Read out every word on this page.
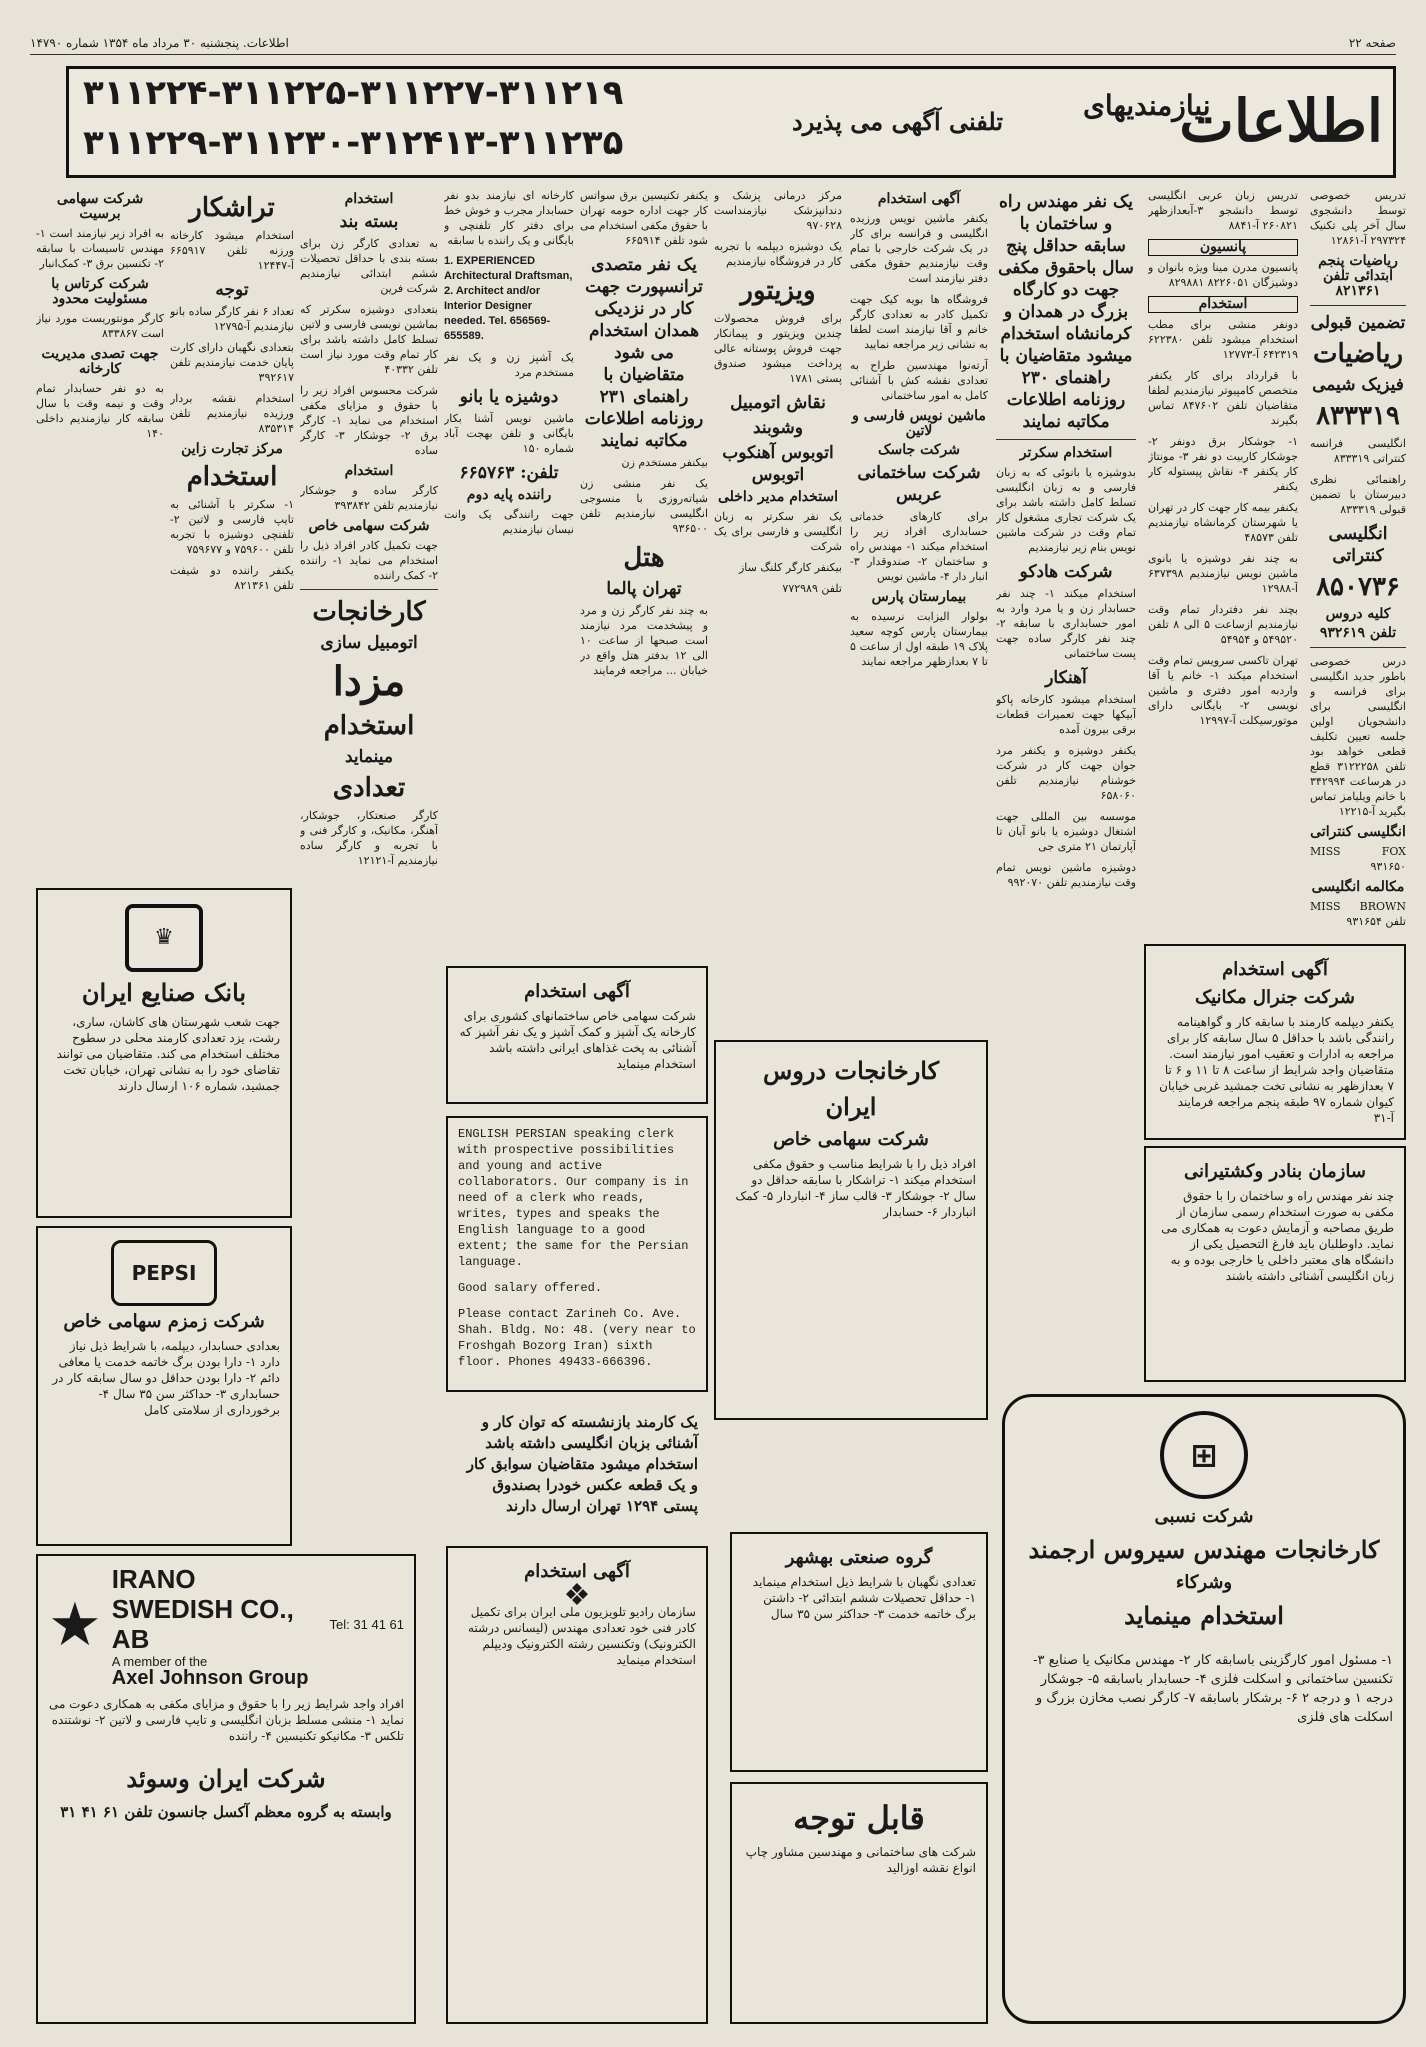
اطلاعات. پنجشنبه ۳۰ مرداد ماه ۱۳۵۴ شماره ۱۴۷۹۰	صفحه ۲۲
اطلاعات
نیازمندیهای
تلفنی آگهی می پذیرد
۳۱۱۲۲۴-۳۱۱۲۲۵-۳۱۱۲۲۷-۳۱۱۲۱۹
۳۱۱۲۲۹-۳۱۱۲۳۰-۳۱۲۴۱۳-۳۱۱۲۳۵

تدریس خصوصی توسط دانشجوی سال آخر پلی تکنیک ۲۹۷۳۲۴ آ-۱۲۸۶۱

ریاضیات پنجم ابتدائی تلفن ۸۲۱۳۶۱
تضمین قبولی
ریاضیات
فیزیک شیمی
۸۳۳۳۱۹

انگلیسی فرانسه کنتراتی ۸۳۳۳۱۹

راهنمائی نظری دبیرستان با تضمین قبولی ۸۳۳۳۱۹

انگلیسی کنتراتی
۸۵۰۷۳۶
کلیه دروس
تلفن ۹۳۲۶۱۹

درس خصوصی باطور جدید انگلیسی برای فرانسه و انگلیسی برای دانشجویان اولین جلسه تعیین تکلیف قطعی خواهد بود تلفن ۳۱۲۲۲۵۸ قطع در هرساعت ۳۴۲۹۹۴ با خانم ویلیامز تماس بگیرید آ-۱۲۲۱۵

انگلیسی کنتراتی

MISS FOX ۹۳۱۶۵۰

مکالمه انگلیسی

MISS BROWN تلفن ۹۳۱۶۵۴

تدریس زبان عربی انگلیسی توسط دانشجو ۳-آبعدازظهر ۲۶۰۸۲۱ آ-۸۸۴۱

پانسیون

پانسیون مدرن مینا ویژه بانوان و دوشیزگان ۸۲۲۶۰۵۱ ۸۲۹۸۸۱

استخدام

دونفر منشی برای مطب استخدام میشود تلفن ۶۲۲۳۸۰ ۶۴۲۳۱۹ آ-۱۲۷۷۳

با قرارداد برای کار یکنفر متخصص کامپیوتر نیازمندیم لطفا متقاضیان تلفن ۸۴۷۶۰۲ تماس بگیرند

۱- جوشکار برق دونفر ۲- جوشکار کاربیت دو نفر ۳- مونتاژ کار یکنفر ۴- نقاش پیستوله کار یکنفر

یکنفر بیمه کار جهت کار در تهران یا شهرستان کرمانشاه نیازمندیم تلفن ۴۸۵۷۳

به چند نفر دوشیزه یا بانوی ماشین نویس نیازمندیم ۶۳۷۳۹۸ آ-۱۲۹۸۸

بچند نفر دفتردار تمام وقت نیازمندیم ازساعت ۵ الی ۸ تلفن ۵۴۹۵۲۰ و ۵۴۹۵۴

تهران تاکسی سرویس تمام وقت استخدام میکند ۱- خانم یا آقا واردبه امور دفتری و ماشین نویسی ۲- بایگانی دارای موتورسیکلت آ-۱۲۹۹۷

آگهی استخدام
شرکت جنرال مکانیک
یکنفر دیپلمه کارمند با سابقه کار و گواهینامه رانندگی باشد با حداقل ۵ سال سابقه کار برای مراجعه به ادارات و تعقیب امور نیازمند است. متقاضیان واجد شرایط از ساعت ۸ تا ۱۱ و ۶ تا ۷ بعدازظهر به نشانی تخت جمشید غربی خیابان کیوان شماره ۹۷ طبقه پنجم مراجعه فرمایند آ-۳۱
سازمان بنادر وکشتیرانی
چند نفر مهندس راه و ساختمان را با حقوق مکفی به صورت استخدام رسمی سازمان از طریق مصاحبه و آزمایش دعوت به همکاری می نماید. داوطلبان باید فارغ التحصیل یکی از دانشگاه های معتبر داخلی یا خارجی بوده و به زبان انگلیسی آشنائی داشته باشند
یک نفر مهندس راه و ساختمان با سابقه حداقل پنج سال باحقوق مکفی جهت دو کارگاه بزرگ در همدان و کرمانشاه استخدام میشود متقاضیان با راهنمای ۲۳۰ روزنامه اطلاعات مکاتبه نمایند
استخدام سکرتر

بدوشیزه یا بانوئی که به زبان فارسی و به زبان انگلیسی تسلط کامل داشته باشد برای یک شرکت تجاری مشغول کار تمام وقت در شرکت ماشین نویس بنام زیر نیازمندیم

شرکت هادکو

استخدام میکند ۱- چند نفر حسابدار زن و یا مرد وارد به امور حسابداری با سابقه ۲- چند نفر کارگر ساده جهت پست ساختمانی

آهنکار

استخدام میشود کارخانه پاکو آبیکها جهت تعمیرات قطعات برقی بیرون آمده

یکنفر دوشیزه و یکنفر مرد جوان جهت کار در شرکت خوشنام نیازمندیم تلفن ۶۵۸۰۶۰

موسسه بین المللی جهت اشتغال دوشیزه یا بانو آبان تا آپارتمان ۲۱ متری جی

دوشیزه ماشین نویس تمام وقت نیازمندیم تلفن ۹۹۲۰۷۰

آگهی استخدام

یکنفر ماشین نویس ورزیده انگلیسی و فرانسه برای کار در یک شرکت خارجی با تمام وقت نیازمندیم حقوق مکفی دفتر نیازمند است

فروشگاه ها بویه کیک جهت تکمیل کادر به تعدادی کارگر خانم و آقا نیازمند است لطفا به نشانی زیر مراجعه نمایید

آرته‌نوا مهندسین طراح به تعدادی نقشه کش با آشنائی کامل به امور ساختمانی

ماشین نویس فارسی و لاتین
شرکت جاسک
شرکت ساختمانی عربس

برای کارهای خدماتی حسابداری افراد زیر را استخدام میکند ۱- مهندس راه و ساختمان ۲- صندوقدار ۳- انبار دار ۴- ماشین نویس

بیمارستان پارس

بولوار الیزابت نرسیده به بیمارستان پارس کوچه سعید پلاک ۱۹ طبقه اول از ساعت ۵ تا ۷ بعدازظهر مراجعه نمایند

مرکز درمانی پزشک و دندانپزشک نیازمنداست ۹۷۰۶۲۸

یک دوشیزه دیپلمه با تجربه کار در فروشگاه نیازمندیم

ویزیتور

برای فروش محصولات چندین ویزیتور و پیمانکار جهت فروش پوستانه عالی پرداخت میشود صندوق پستی ۱۷۸۱

نقاش اتومبیل
وشوبند
اتوبوس آهنکوب اتوبوس
استخدام مدیر داخلی

یک نفر سکرتر به زبان انگلیسی و فارسی برای یک شرکت

بیکنفر کارگر کلنگ ساز

تلفن ۷۷۲۹۸۹

یکنفر تکنیسین برق سواتس کار جهت اداره حومه تهران با حقوق مکفی استخدام می شود تلفن ۶۶۵۹۱۴

یک نفر متصدی ترانسپورت جهت کار در نزدیکی همدان استخدام می شود متقاضیان با راهنمای ۲۳۱ روزنامه اطلاعات مکاتبه نمایند

بیکنفر مستخدم زن

یک نفر منشی زن شیاته‌روزی با منسوجی انگلیسی نیازمندیم تلفن ۹۳۶۵۰۰

هتل
تهران پالما

به چند نفر کارگر زن و مرد و پیشخدمت مرد نیازمند است صبحها از ساعت ۱۰ الی ۱۲ بدفتر هتل واقع در خیابان ... مراجعه فرمایند

کارخانه ای نیازمند بدو نفر حسابدار مجرب و خوش خط برای دفتر کار تلفنچی و بایگانی و یک راننده با سابقه

1. EXPERIENCED Architectural Draftsman, 2. Architect and/or Interior Designer needed. Tel. 656569-655589.

یک آشپز زن و یک نفر مستخدم مرد

دوشیزه یا بانو

ماشین نویس آشنا بکار بایگانی و تلفن بهجت آباد شماره ۱۵۰

تلفن: ۶۶۵۷۶۳
راننده پایه دوم

جهت رانندگی یک وانت نیسان نیازمندیم

استخدام
بسته بند

به تعدادی کارگر زن برای بسته بندی با حداقل تحصیلات ششم ابتدائی نیازمندیم شرکت فرین

بتعدادی دوشیزه سکرتر که بماشین نویسی فارسی و لاتین تسلط کامل داشته باشد برای کار تمام وقت مورد نیاز است تلفن ۴۰۳۳۲

شرکت محسوس افراد زیر را با حقوق و مزایای مکفی استخدام می نماید ۱- کارگر برق ۲- جوشکار ۳- کارگر ساده

استخدام

کارگر ساده و جوشکار نیازمندیم تلفن ۳۹۳۸۴۲

شرکت سهامی خاص

جهت تکمیل کادر افراد ذیل را استخدام می نماید ۱- راننده ۲- کمک راننده

کارخانجات
اتومبیل سازی
مزدا
استخدام
مینماید
تعدادی

کارگر صنعتکار، جوشکار، آهنگر، مکانیک، و کارگر فنی و با تجربه و کارگر ساده نیازمندیم آ-۱۲۱۲۱

تراشکار

استخدام میشود کارخانه ورزنه تلفن ۶۶۵۹۱۷ آ-۱۲۴۴۷

توجه

تعداد ۶ نفر کارگر ساده بانو نیازمندیم آ-۱۲۷۹۵

بتعدادی نگهبان دارای کارت پایان خدمت نیازمندیم تلفن ۳۹۲۶۱۷

استخدام نقشه بردار ورزیده نیازمندیم تلفن ۸۳۵۳۱۴

مرکز تجارت زاین
استخدام

۱- سکرتر با آشنائی به تایپ فارسی و لاتین ۲- تلفنچی دوشیزه با تجربه تلفن ۷۵۹۶۰۰ و ۷۵۹۶۷۷

یکنفر راننده دو شیفت تلفن ۸۲۱۳۶۱

شرکت سهامی برسیت

به افراد زیر نیازمند است ۱- مهندس تاسیسات با سابقه ۲- تکنسین برق ۳- کمک‌انبار

شرکت کرتاس با مسئولیت محدود

کارگر مونتوریست مورد نیاز است ۸۳۳۸۶۷

جهت تصدی مدیریت کارخانه

به دو نفر حسابدار تمام وقت و نیمه وقت با سال سابقه کار نیازمندیم داخلی ۱۴۰

♛
بانک صنایع ایران
جهت شعب شهرستان های کاشان، ساری، رشت، یزد تعدادی کارمند محلی در سطوح مختلف استخدام می کند. متقاضیان می توانند تقاضای خود را به نشانی تهران، خیابان تخت جمشید، شماره ۱۰۶ ارسال دارند
PEPSI
شرکت زمزم سهامی خاص
بعدادی حسابدار، دیپلمه، با شرایط ذیل نیاز دارد ۱- دارا بودن برگ خاتمه خدمت یا معافی دائم ۲- دارا بودن حداقل دو سال سابقه کار در حسابداری ۳- حداکثر سن ۳۵ سال ۴- برخورداری از سلامتی کامل
★
IRANO SWEDISH CO., AB
A member of the
Axel Johnson Group
Tel: 31 41 61
افراد واجد شرایط زیر را با حقوق و مزایای مکفی به همکاری دعوت می نماید ۱- منشی مسلط بزبان انگلیسی و تایپ فارسی و لاتین ۲- نوشتنده تلکس ۳- مکانیکو تکنیسین ۴- راننده
شرکت ایران وسوئد
وابسته به گروه معظم آکسل جانسون تلفن ۶۱ ۴۱ ۳۱
آگهی استخدام
شرکت سهامی خاص ساختمانهای کشوری برای کارخانه یک آشپز و کمک آشپز و یک نفر آشپز که آشنائی به پخت غذاهای ایرانی داشته باشد استخدام مینماید
ENGLISH PERSIAN speaking clerk with prospective possibilities and young and active collaborators. Our company is in need of a clerk who reads, writes, types and speaks the English language to a good extent; the same for the Persian language.
Good salary offered.
Please contact Zarineh Co. Ave. Shah. Bldg. No: 48. (very near to Froshgah Bozorg Iran) sixth floor. Phones 49433-666396.
یک کارمند بازنشسته که توان کار و آشنائی بزبان انگلیسی داشته باشد استخدام میشود متقاضیان سوابق کار و یک قطعه عکس خودرا بصندوق پستی ۱۲۹۴ تهران ارسال دارند
آگهی استخدام
❖
سازمان رادیو تلویزیون ملی ایران برای تکمیل کادر فنی خود تعدادی مهندس (لیسانس درشته الکترونیک) وتکنسین رشته الکترونیک ودیپلم استخدام مینماید
کارخانجات دروس
ایران
شرکت سهامی خاص
افراد ذیل را با شرایط مناسب و حقوق مکفی استخدام میکند ۱- تراشکار با سابقه حداقل دو سال ۲- جوشکار ۳- قالب ساز ۴- انباردار ۵- کمک انباردار ۶- حسابدار
گروه صنعتی بهشهر
تعدادی نگهبان با شرایط ذیل استخدام مینماید ۱- حداقل تحصیلات ششم ابتدائی ۲- داشتن برگ خاتمه خدمت ۳- حداکثر سن ۳۵ سال
قابل توجه
شرکت های ساختمانی و مهندسین مشاور چاپ انواع نقشه اوزالید
⊞
شرکت نسبی
کارخانجات مهندس سیروس ارجمند
وشرکاء
استخدام مینماید
۱- مسئول امور کارگزینی باسابقه کار ۲- مهندس مکانیک یا صنایع ۳- تکنسین ساختمانی و اسکلت فلزی ۴- حسابدار باسابقه ۵- جوشکار درجه ۱ و درجه ۲ ۶- برشکار باسابقه ۷- کارگر نصب مخازن بزرگ و اسکلت های فلزی
